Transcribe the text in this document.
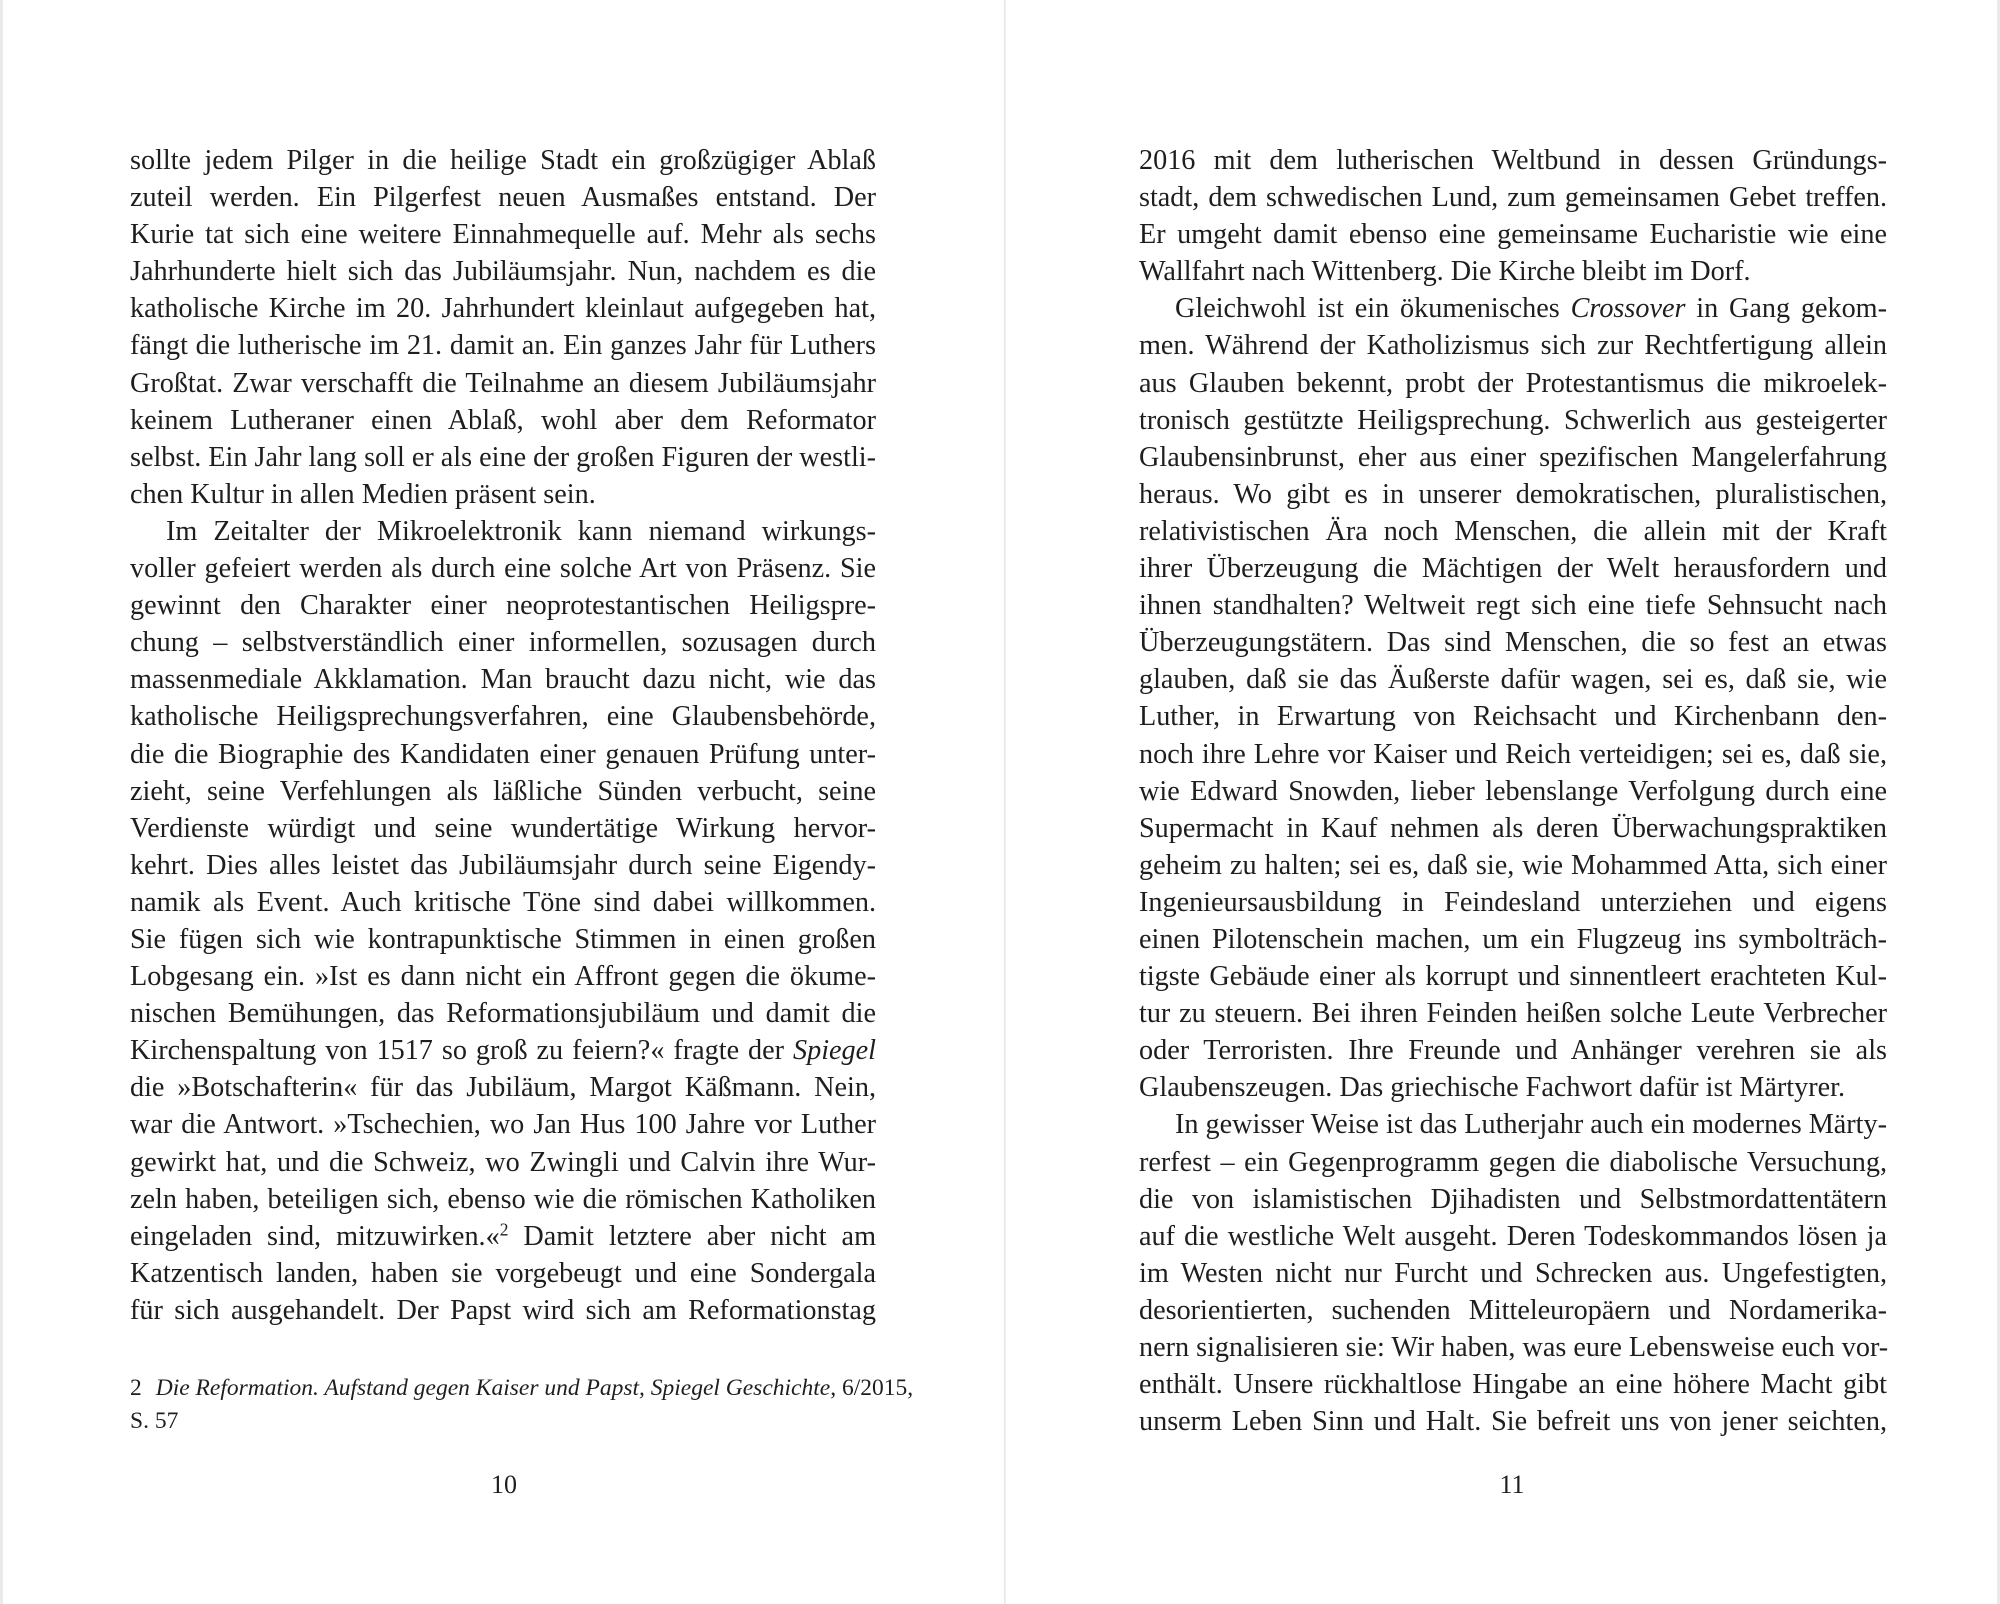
sollte jedem Pilger in die heilige Stadt ein großzügiger Ablaß
zuteil werden. Ein Pilgerfest neuen Ausmaßes entstand. Der
Kurie tat sich eine weitere Einnahmequelle auf. Mehr als sechs
Jahrhunderte hielt sich das Jubiläumsjahr. Nun, nachdem es die
katholische Kirche im 20. Jahrhundert kleinlaut aufgegeben hat,
fängt die lutherische im 21. damit an. Ein ganzes Jahr für Luthers
Großtat. Zwar verschafft die Teilnahme an diesem Jubiläumsjahr
keinem Lutheraner einen Ablaß, wohl aber dem Reformator
selbst. Ein Jahr lang soll er als eine der großen Figuren der westli-
chen Kultur in allen Medien präsent sein.
Im Zeitalter der Mikroelektronik kann niemand wirkungs-
voller gefeiert werden als durch eine solche Art von Präsenz. Sie
gewinnt den Charakter einer neoprotestantischen Heiligspre-
chung – selbstverständlich einer informellen, sozusagen durch
massenmediale Akklamation. Man braucht dazu nicht, wie das
katholische Heiligsprechungsverfahren, eine Glaubensbehörde,
die die Biographie des Kandidaten einer genauen Prüfung unter-
zieht, seine Verfehlungen als läßliche Sünden verbucht, seine
Verdienste würdigt und seine wundertätige Wirkung hervor-
kehrt. Dies alles leistet das Jubiläumsjahr durch seine Eigendy-
namik als Event. Auch kritische Töne sind dabei willkommen.
Sie fügen sich wie kontrapunktische Stimmen in einen großen
Lobgesang ein. »Ist es dann nicht ein Affront gegen die ökume-
nischen Bemühungen, das Reformationsjubiläum und damit die
Kirchenspaltung von 1517 so groß zu feiern?« fragte der Spiegel
die »Botschafterin« für das Jubiläum, Margot Käßmann. Nein,
war die Antwort. »Tschechien, wo Jan Hus 100 Jahre vor Luther
gewirkt hat, und die Schweiz, wo Zwingli und Calvin ihre Wur-
zeln haben, beteiligen sich, ebenso wie die römischen Katholiken
eingeladen sind, mitzuwirken.«$^2$ Damit letztere aber nicht am
Katzentisch landen, haben sie vorgebeugt und eine Sondergala
für sich ausgehandelt. Der Papst wird sich am Reformationstag
2 Die Reformation. Aufstand gegen Kaiser und Papst, Spiegel Geschichte, 6/2015,
S. 57
10
2016 mit dem lutherischen Weltbund in dessen Gründungs-
stadt, dem schwedischen Lund, zum gemeinsamen Gebet treffen.
Er umgeht damit ebenso eine gemeinsame Eucharistie wie eine
Wallfahrt nach Wittenberg. Die Kirche bleibt im Dorf.
Gleichwohl ist ein ökumenisches Crossover in Gang gekom-
men. Während der Katholizismus sich zur Rechtfertigung allein
aus Glauben bekennt, probt der Protestantismus die mikroelek-
tronisch gestützte Heiligsprechung. Schwerlich aus gesteigerter
Glaubensinbrunst, eher aus einer spezifischen Mangelerfahrung
heraus. Wo gibt es in unserer demokratischen, pluralistischen,
relativistischen Ära noch Menschen, die allein mit der Kraft
ihrer Überzeugung die Mächtigen der Welt herausfordern und
ihnen standhalten? Weltweit regt sich eine tiefe Sehnsucht nach
Überzeugungstätern. Das sind Menschen, die so fest an etwas
glauben, daß sie das Äußerste dafür wagen, sei es, daß sie, wie
Luther, in Erwartung von Reichsacht und Kirchenbann den-
noch ihre Lehre vor Kaiser und Reich verteidigen; sei es, daß sie,
wie Edward Snowden, lieber lebenslange Verfolgung durch eine
Supermacht in Kauf nehmen als deren Überwachungspraktiken
geheim zu halten; sei es, daß sie, wie Mohammed Atta, sich einer
Ingenieursausbildung in Feindesland unterziehen und eigens
einen Pilotenschein machen, um ein Flugzeug ins symbolträch-
tigste Gebäude einer als korrupt und sinnentleert erachteten Kul-
tur zu steuern. Bei ihren Feinden heißen solche Leute Verbrecher
oder Terroristen. Ihre Freunde und Anhänger verehren sie als
Glaubenszeugen. Das griechische Fachwort dafür ist Märtyrer.
In gewisser Weise ist das Lutherjahr auch ein modernes Märty-
rerfest – ein Gegenprogramm gegen die diabolische Versuchung,
die von islamistischen Djihadisten und Selbstmordattentätern
auf die westliche Welt ausgeht. Deren Todeskommandos lösen ja
im Westen nicht nur Furcht und Schrecken aus. Ungefestigten,
desorientierten, suchenden Mitteleuropäern und Nordamerika-
nern signalisieren sie: Wir haben, was eure Lebensweise euch vor-
enthält. Unsere rückhaltlose Hingabe an eine höhere Macht gibt
unserm Leben Sinn und Halt. Sie befreit uns von jener seichten,
11
